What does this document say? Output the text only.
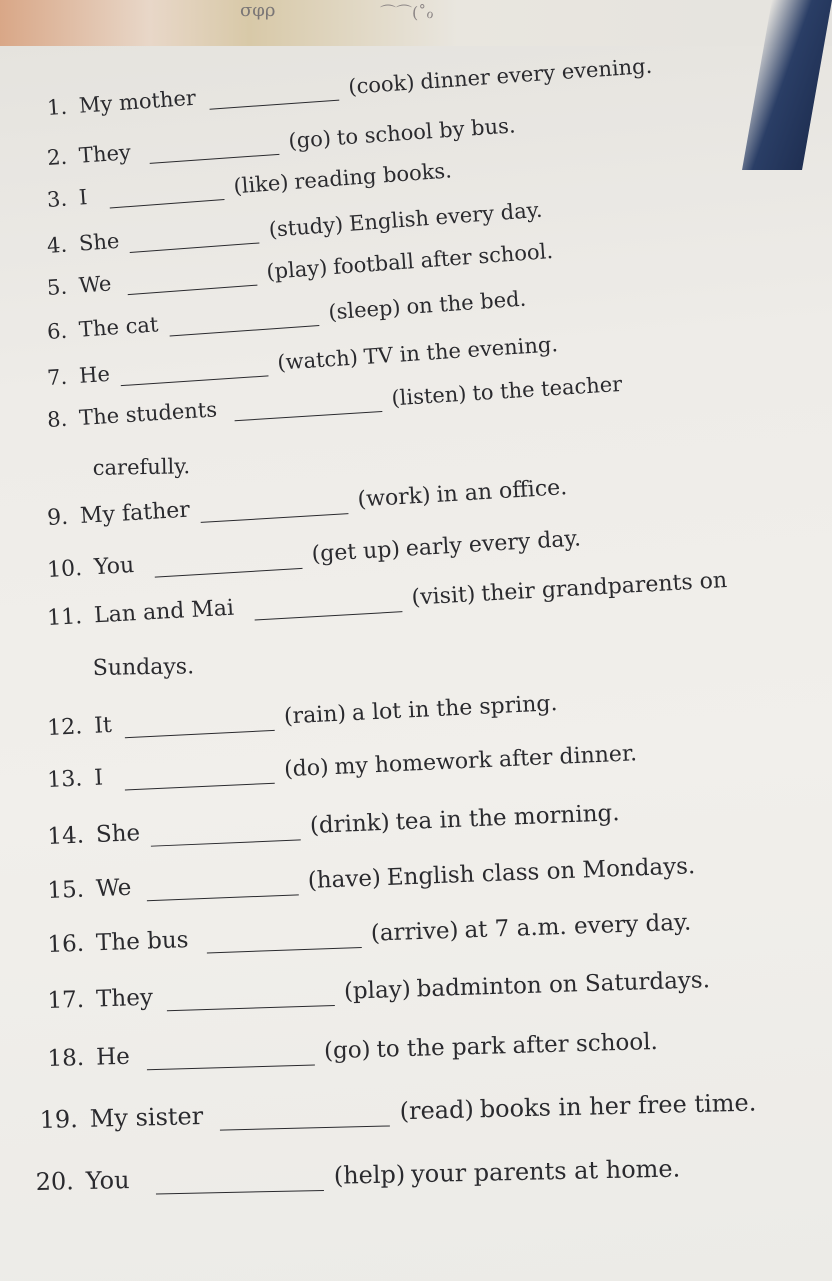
σφρ	⌒⌒(˚ℴ
1. My mother (cook) dinner every evening.
2. They (go) to school by bus.
3. I	(like) reading books.
4. She (study) English every day.
5. We (play) football after school.
6. The cat (sleep) on the bed.
7. He (watch) TV in the evening.
8. The students (listen) to the teacher
carefully.
9. My father	(work) in an office.
10. You	(get up) early every day.
11. Lan and Mai	(visit) their grandparents on
Sundays.
12. It	(rain) a lot in the spring.
13. I	(do) my homework after dinner.
14. She	(drink) tea in the morning.
15. We	(have) English class on Mondays.
16. The bus	(arrive) at 7 a.m. every day.
17. They	(play) badminton on Saturdays.
18. He	(go) to the park after school.
19. My sister	(read) books in her free time.
20. You	(help) your parents at home.
